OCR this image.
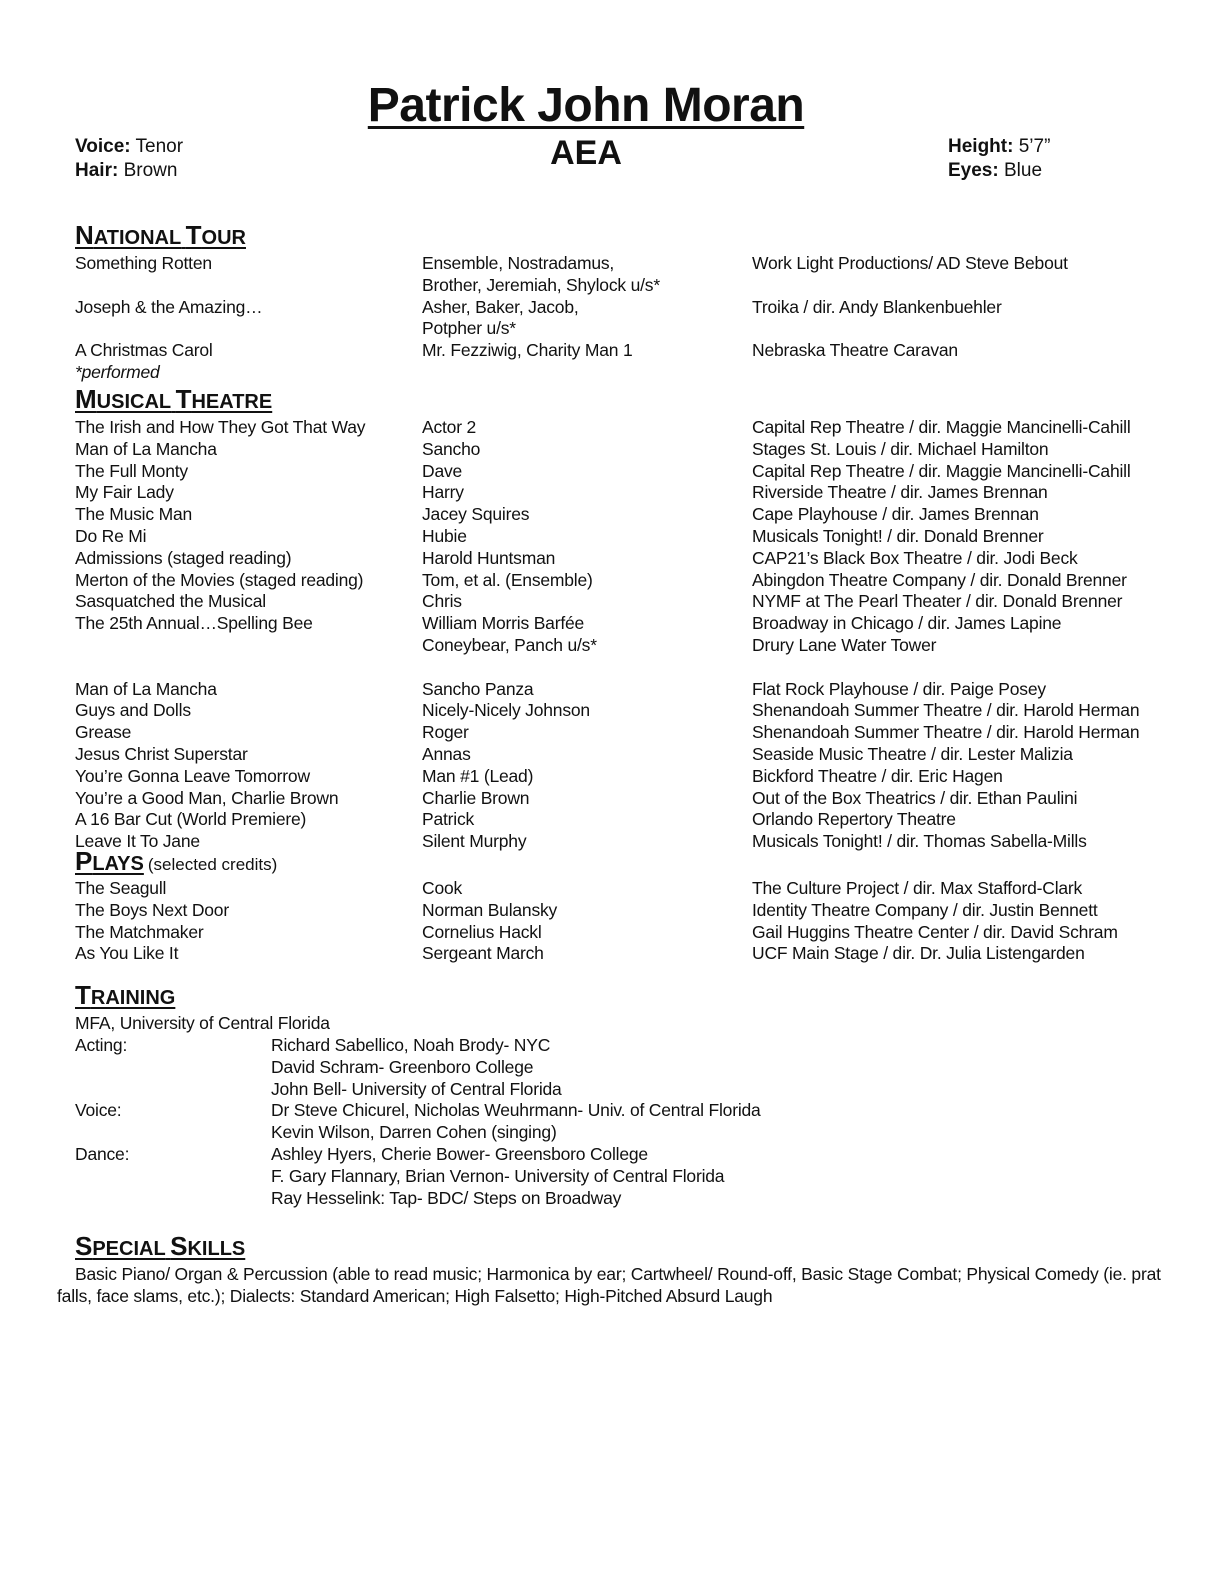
Patrick John Moran
AEA
Voice: Tenor
Hair: Brown
Height: 5’7”
Eyes: Blue
NATIONAL TOUR
*performed
MUSICAL THEATRE
PLAYS (selected credits)
TRAINING
MFA, University of Central Florida
SPECIAL SKILLS
Basic Piano/ Organ & Percussion (able to read music; Harmonica by ear; Cartwheel/ Round-off, Basic Stage Combat; Physical Comedy (ie. prat falls, face slams, etc.); Dialects: Standard American; High Falsetto; High-Pitched Absurd Laugh
Something Rotten	Ensemble, Nostradamus,	Work Light Productions/ AD Steve Bebout
Brother, Jeremiah, Shylock u/s*
Joseph & the Amazing…	Asher, Baker, Jacob,	Troika / dir. Andy Blankenbuehler
Potpher u/s*
A Christmas Carol	Mr. Fezziwig, Charity Man 1	Nebraska Theatre Caravan
The Irish and How They Got That Way	Actor 2	Capital Rep Theatre / dir. Maggie Mancinelli-Cahill
Man of La Mancha	Sancho	Stages St. Louis / dir. Michael Hamilton
The Full Monty	Dave	Capital Rep Theatre / dir. Maggie Mancinelli-Cahill
My Fair Lady	Harry	Riverside Theatre / dir. James Brennan
The Music Man	Jacey Squires	Cape Playhouse / dir. James Brennan
Do Re Mi	Hubie	Musicals Tonight! / dir. Donald Brenner
Admissions (staged reading)	Harold Huntsman	CAP21’s Black Box Theatre / dir. Jodi Beck
Merton of the Movies (staged reading)	Tom, et al. (Ensemble)	Abingdon Theatre Company / dir. Donald Brenner
Sasquatched the Musical	Chris	NYMF at The Pearl Theater / dir. Donald Brenner
The 25th Annual…Spelling Bee	William Morris Barfée	Broadway in Chicago / dir. James Lapine
Coneybear, Panch u/s*	Drury Lane Water Tower
Man of La Mancha	Sancho Panza	Flat Rock Playhouse / dir. Paige Posey
Guys and Dolls	Nicely-Nicely Johnson	Shenandoah Summer Theatre / dir. Harold Herman
Grease	Roger	Shenandoah Summer Theatre / dir. Harold Herman
Jesus Christ Superstar	Annas	Seaside Music Theatre / dir. Lester Malizia
You’re Gonna Leave Tomorrow	Man #1 (Lead)	Bickford Theatre / dir. Eric Hagen
You’re a Good Man, Charlie Brown	Charlie Brown	Out of the Box Theatrics / dir. Ethan Paulini
A 16 Bar Cut (World Premiere)	Patrick	Orlando Repertory Theatre
Leave It To Jane	Silent Murphy	Musicals Tonight! / dir. Thomas Sabella-Mills
The Seagull	Cook	The Culture Project / dir. Max Stafford-Clark
The Boys Next Door	Norman Bulansky	Identity Theatre Company / dir. Justin Bennett
The Matchmaker	Cornelius Hackl	Gail Huggins Theatre Center / dir. David Schram
As You Like It	Sergeant March	UCF Main Stage / dir. Dr. Julia Listengarden
Acting:	Richard Sabellico, Noah Brody- NYC
David Schram- Greenboro College
John Bell- University of Central Florida
Voice:	Dr Steve Chicurel, Nicholas Weuhrmann- Univ. of Central Florida
Kevin Wilson, Darren Cohen (singing)
Dance:	Ashley Hyers, Cherie Bower- Greensboro College
F. Gary Flannary, Brian Vernon- University of Central Florida
Ray Hesselink: Tap- BDC/ Steps on Broadway
